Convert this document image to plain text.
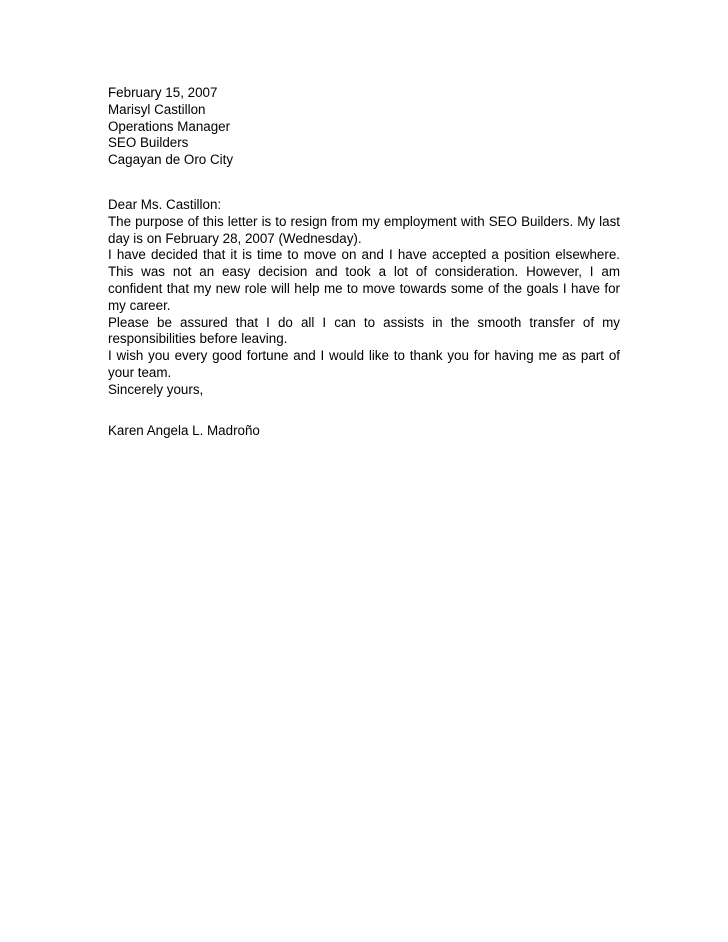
February 15, 2007

Marisyl Castillon
Operations Manager
SEO Builders
Cagayan de Oro City

Dear Ms. Castillon:

The purpose of this letter is to resign from my employment with SEO Builders. My last day is on February 28, 2007 (Wednesday).

I have decided that it is time to move on and I have accepted a position elsewhere. This was not an easy decision and took a lot of consideration. However, I am confident that my new role will help me to move towards some of the goals I have for my career.

Please be assured that I do all I can to assists in the smooth transfer of my responsibilities before leaving.

I wish you every good fortune and I would like to thank you for having me as part of your team.

Sincerely yours,

Karen Angela L. Madroño
